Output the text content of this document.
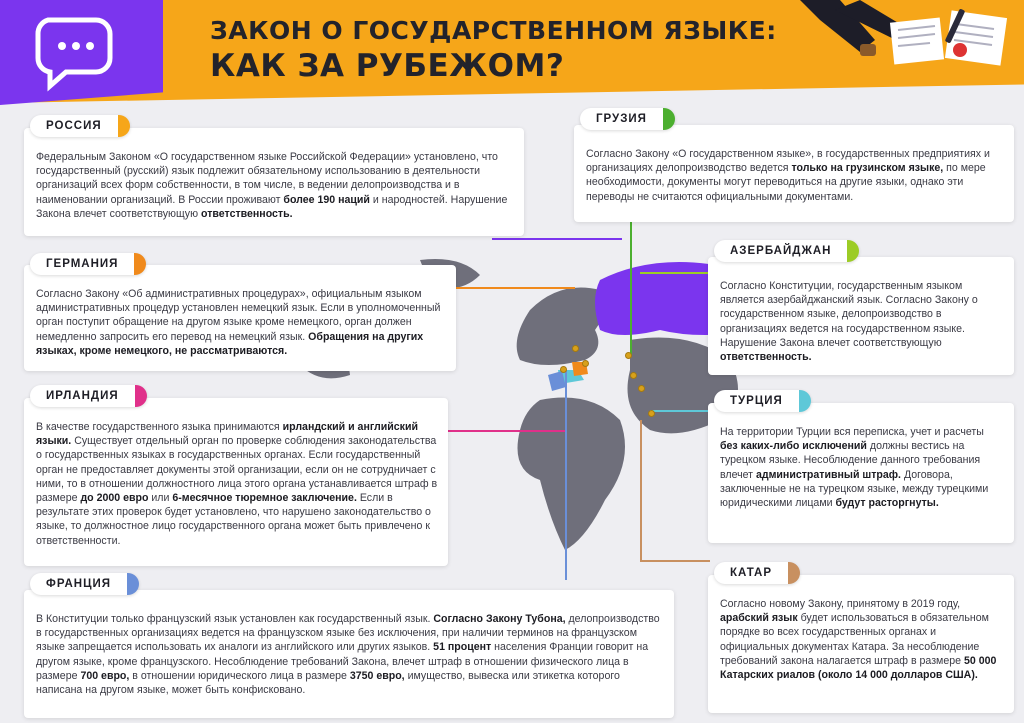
ЗАКОН О ГОСУДАРСТВЕННОМ ЯЗЫКЕ:
КАК ЗА РУБЕЖОМ?
Федеральным Законом «О государственном языке Российской Федерации» установлено, что государственный (русский) язык подлежит обязательному использованию в деятельности организаций всех форм собственности, в том числе, в ведении делопроизводства и в наименовании организаций. В России проживают более 190 наций и народностей. Нарушение Закона влечет соответствующую ответственность.
РОССИЯ
Согласно Закону «О государственном языке», в государственных предприятиях и организациях делопроизводство ведется только на грузинском языке, по мере необходимости, документы могут переводиться на другие языки, однако эти переводы не считаются официальными документами.
ГРУЗИЯ
Согласно Закону «Об административных процедурах», официальным языком административных процедур установлен немецкий язык. Если в уполномоченный орган поступит обращение на другом языке кроме немецкого, орган должен немедленно запросить его перевод на немецкий язык. Обращения на других языках, кроме немецкого, не рассматриваются.
ГЕРМАНИЯ
Согласно Конституции, государственным языком является азербайджанский язык. Согласно Закону о государственном языке, делопроизводство в организациях ведется на государственном языке. Нарушение Закона влечет соответствующую ответственность.
АЗЕРБАЙДЖАН
В качестве государственного языка принимаются ирландский и английский языки. Существует отдельный орган по проверке соблюдения законодательства о государственных языках в государственных органах. Если государственный орган не предоставляет документы этой организации, если он не сотрудничает с ними, то в отношении должностного лица этого органа устанавливается штраф в размере до 2000 евро или 6-месячное тюремное заключение. Если в результате этих проверок будет установлено, что нарушено законодательство о языке, то должностное лицо государственного органа может быть привлечено к ответственности.
ИРЛАНДИЯ
На территории Турции вся переписка, учет и расчеты без каких-либо исключений должны вестись на турецком языке. Несоблюдение данного требования влечет административный штраф. Договора, заключенные не на турецком языке, между турецкими юридическими лицами будут расторгнуты.
ТУРЦИЯ
В Конституции только французский язык установлен как государственный язык. Согласно Закону Тубона, делопроизводство в государственных организациях ведется на французском языке без исключения, при наличии терминов на французском языке запрещается использовать их аналоги из английского или других языков. 51 процент населения Франции говорит на другом языке, кроме французского. Несоблюдение требований Закона, влечет штраф в отношении физического лица в размере 700 евро, в отношении юридического лица в размере 3750 евро, имущество, вывеска или этикетка которого написана на другом языке, может быть конфисковано.
ФРАНЦИЯ
Согласно новому Закону, принятому в 2019 году, арабский язык будет использоваться в обязательном порядке во всех государственных органах и официальных документах Катара. За несоблюдение требований закона налагается штраф в размере 50 000 Катарских риалов (около 14 000 долларов США).
КАТАР
